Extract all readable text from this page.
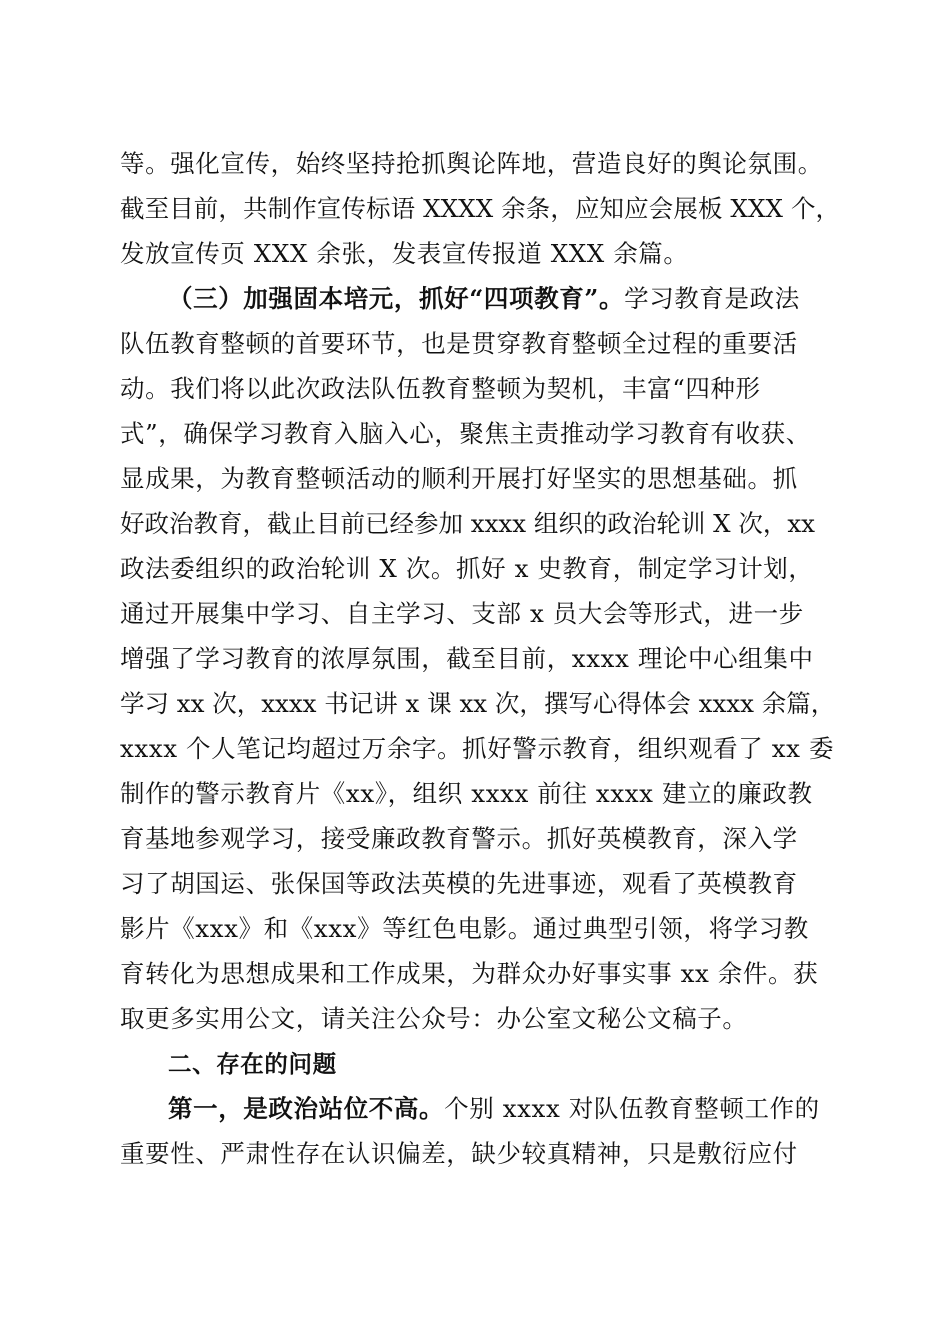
等。强化宣传，始终坚持抢抓舆论阵地，营造良好的舆论氛围。
截至目前，共制作宣传标语 XXXX 余条，应知应会展板 XXX 个，
发放宣传页 XXX 余张，发表宣传报道 XXX 余篇。
（三）加强固本培元，抓好“四项教育”。学习教育是政法
队伍教育整顿的首要环节，也是贯穿教育整顿全过程的重要活
动。我们将以此次政法队伍教育整顿为契机，丰富“四种形
式”，确保学习教育入脑入心，聚焦主责推动学习教育有收获、
显成果，为教育整顿活动的顺利开展打好坚实的思想基础。抓
好政治教育，截止目前已经参加 xxxx 组织的政治轮训 X 次，xx
政法委组织的政治轮训 X 次。抓好 x 史教育，制定学习计划，
通过开展集中学习、自主学习、支部 x 员大会等形式，进一步
增强了学习教育的浓厚氛围，截至目前，xxxx 理论中心组集中
学习 xx 次，xxxx 书记讲 x 课 xx 次，撰写心得体会 xxxx 余篇，
xxxx 个人笔记均超过万余字。抓好警示教育，组织观看了 xx 委
制作的警示教育片《xx》，组织 xxxx 前往 xxxx 建立的廉政教
育基地参观学习，接受廉政教育警示。抓好英模教育，深入学
习了胡国运、张保国等政法英模的先进事迹，观看了英模教育
影片《xxx》和《xxx》等红色电影。通过典型引领，将学习教
育转化为思想成果和工作成果，为群众办好事实事 xx 余件。获
取更多实用公文，请关注公众号：办公室文秘公文稿子。
二、存在的问题
第一，是政治站位不高。个别 xxxx 对队伍教育整顿工作的
重要性、严肃性存在认识偏差，缺少较真精神，只是敷衍应付
